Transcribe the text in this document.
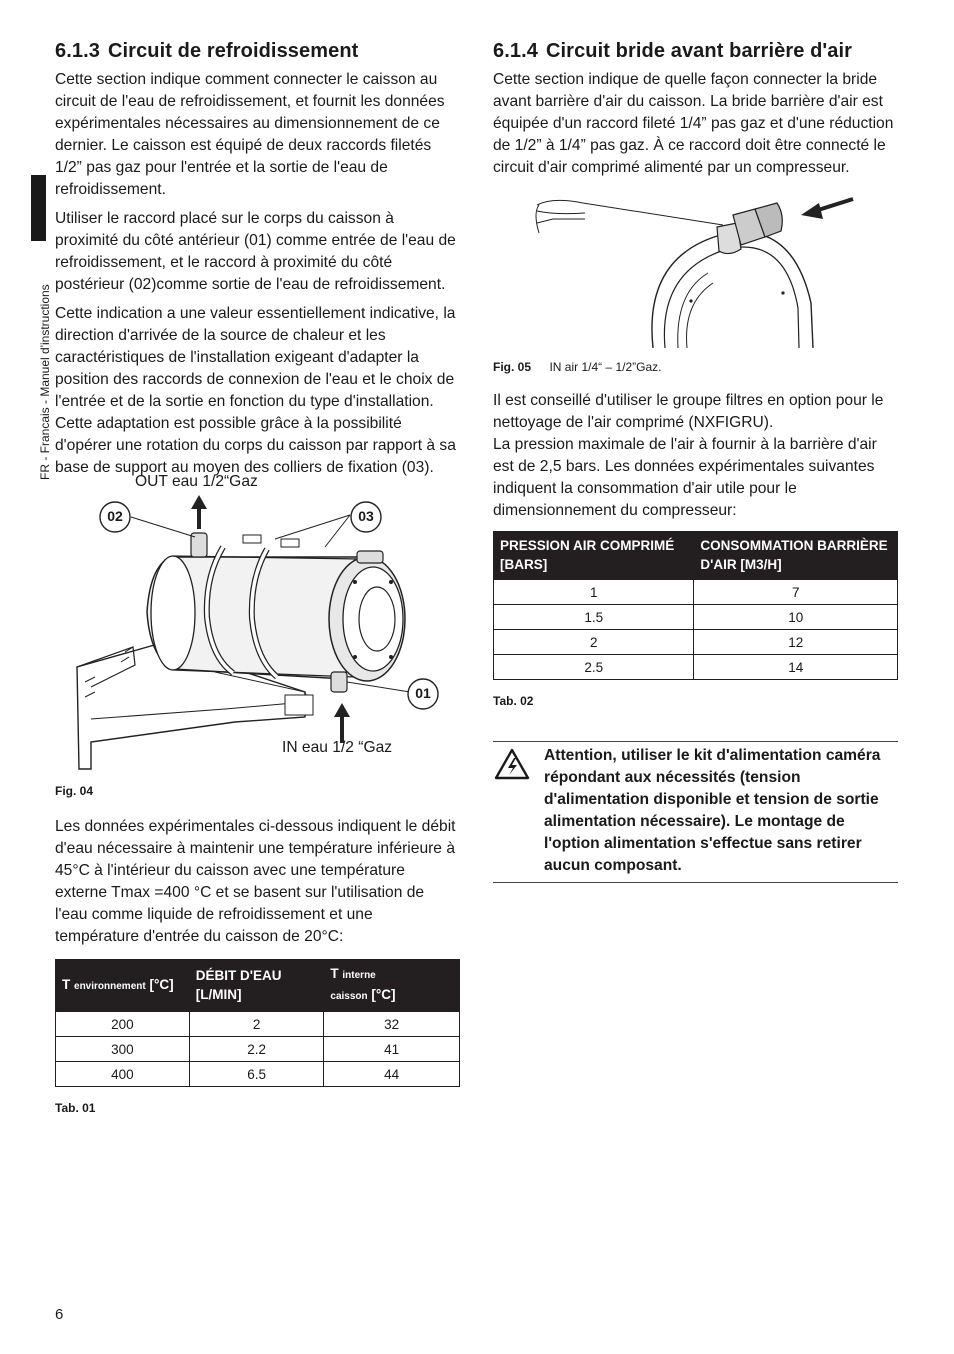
FR - Francais - Manuel d'instructions
6.1.3 Circuit de refroidissement

Cette section indique comment connecter le caisson au circuit de l'eau de refroidissement, et fournit les données expérimentales nécessaires au dimensionnement de ce dernier. Le caisson est équipé de deux raccords filetés 1/2” pas gaz pour l'entrée et la sortie de l'eau de refroidissement.

Utiliser le raccord placé sur le corps du caisson à proximité du côté antérieur (01) comme entrée de l'eau de refroidissement, et le raccord à proximité du côté postérieur (02)comme sortie de l'eau de refroidissement.

Cette indication a une valeur essentiellement indicative, la direction d'arrivée de la source de chaleur et les caractéristiques de l'installation exigeant d'adapter la position des raccords de connexion de l'eau et le choix de l'entrée et de la sortie en fonction du type d'installation. Cette adaptation est possible grâce à la possibilité d'opérer une rotation du corps du caisson par rapport à sa base de support au moyen des colliers de fixation (03).

OUT eau 1/2“Gaz
IN eau 1/2 “Gaz
02	03
01
Fig. 04

Les données expérimentales ci-dessous indiquent le débit d'eau nécessaire à maintenir une température inférieure à 45°C à l'intérieur du caisson avec une température externe Tmax =400 °C et se basent sur l'utilisation de l'eau comme liquide de refroidissement et une température d'entrée du caisson de 20°C:

T environnement [°C]	DÉBIT D'EAU [L/MIN]	T interne
caisson [°C]
200	2	32
300	2.2	41
400	6.5	44
Tab. 01
6.1.4 Circuit bride avant barrière d'air

Cette section indique de quelle façon connecter la bride avant barrière d'air du caisson. La bride barrière d'air est équipée d'un raccord fileté 1/4” pas gaz et d'une réduction de 1/2” à 1/4” pas gaz. À ce raccord doit être connecté le circuit d'air comprimé alimenté par un compresseur.

Fig. 05 IN air 1/4“ – 1/2”Gaz.

Il est conseillé d'utiliser le groupe filtres en option pour le nettoyage de l'air comprimé (NXFIGRU).

La pression maximale de l'air à fournir à la barrière d'air est de 2,5 bars. Les données expérimentales suivantes indiquent la consommation d'air utile pour le dimensionnement du compresseur:

PRESSION AIR COMPRIMÉ [BARS]	CONSOMMATION BARRIÈRE D'AIR [M3/H]
1	7
1.5	10
2	12
2.5	14
Tab. 02
Attention, utiliser le kit d'alimentation caméra répondant aux nécessités (tension d'alimentation disponible et tension de sortie alimentation nécessaire). Le montage de l'option alimentation s'effectue sans retirer aucun composant.
6
